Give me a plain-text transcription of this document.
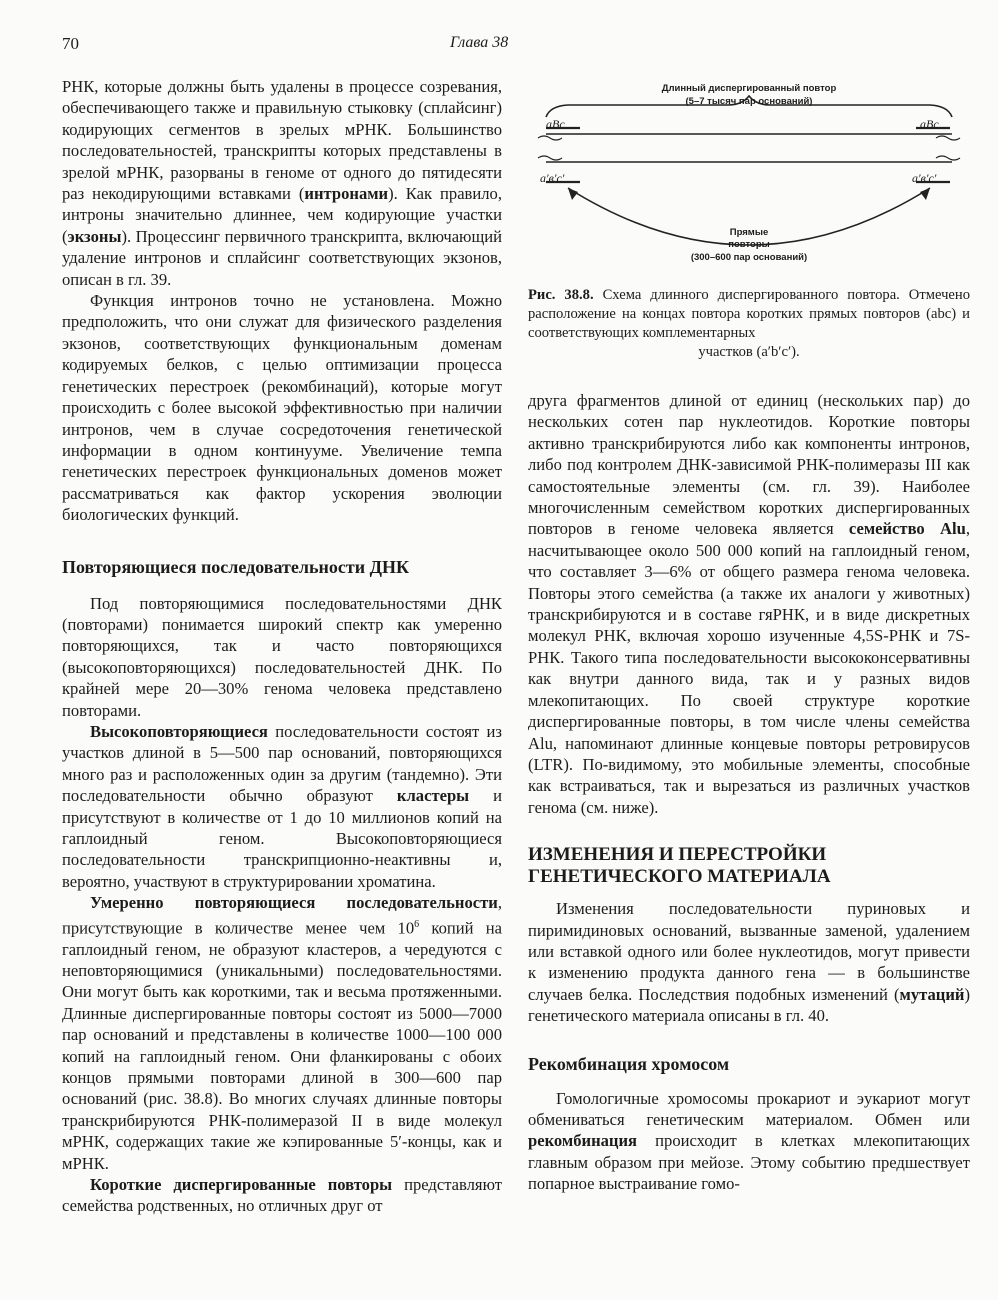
70	Глава 38

РНК, которые должны быть удалены в процессе созревания, обеспечивающего также и правильную стыковку (сплайсинг) кодирующих сегментов в зрелых мРНК. Большинство последовательностей, транскрипты которых представлены в зрелой мРНК, разорваны в геноме от одного до пятидесяти раз некодирующими вставками (интронами). Как правило, интроны значительно длиннее, чем кодирующие участки (экзоны). Процессинг первичного транскрипта, включающий удаление интронов и сплайсинг соответствующих экзонов, описан в гл. 39.

Функция интронов точно не установлена. Можно предположить, что они служат для физического разделения экзонов, соответствующих функциональным доменам кодируемых белков, с целью оптимизации процесса генетических перестроек (рекомбинаций), которые могут происходить с более высокой эффективностью при наличии интронов, чем в случае сосредоточения генетической информации в одном континууме. Увеличение темпа генетических перестроек функциональных доменов может рассматриваться как фактор ускорения эволюции биологических функций.

Повторяющиеся последовательности ДНК

Под повторяющимися последовательностями ДНК (повторами) понимается широкий спектр как умеренно повторяющихся, так и часто повторяющихся (высокоповторяющихся) последовательностей ДНК. По крайней мере 20—30% генома человека представлено повторами.

Высокоповторяющиеся последовательности состоят из участков длиной в 5—500 пар оснований, повторяющихся много раз и расположенных один за другим (тандемно). Эти последовательности обычно образуют кластеры и присутствуют в количестве от 1 до 10 миллионов копий на гаплоидный геном. Высокоповторяющиеся последовательности транскрипционно-неактивны и, вероятно, участвуют в структурировании хроматина.

Умеренно повторяющиеся последовательности, присутствующие в количестве менее чем $10^6$ копий на гаплоидный геном, не образуют кластеров, а чередуются с неповторяющимися (уникальными) последовательностями. Они могут быть как короткими, так и весьма протяженными. Длинные диспергированные повторы состоят из 5000—7000 пар оснований и представлены в количестве 1000—100 000 копий на гаплоидный геном. Они фланкированы с обоих концов прямыми повторами длиной в 300—600 пар оснований (рис. 38.8). Во многих случаях длинные повторы транскрибируются РНК-полимеразой II в виде молекул мРНК, содержащих такие же кэпированные 5′-концы, как и мРНК.

Короткие диспергированные повторы представляют семейства родственных, но отличных друг от

Длинный диспергированный повтор
(5–7 тысяч пар оснований)
aBc	aBc
a′в′c′	a′в′c′
Прямые
повторы
(300–600 пар оснований)
Рис. 38.8. Схема длинного диспергированного повтора. Отмечено расположение на концах повтора коротких прямых повторов (abc) и соответствующих комплементарных
участков (a′b′c′).

друга фрагментов длиной от единиц (нескольких пар) до нескольких сотен пар нуклеотидов. Короткие повторы активно транскрибируются либо как компоненты интронов, либо под контролем ДНК-зависимой РНК-полимеразы III как самостоятельные элементы (см. гл. 39). Наиболее многочисленным семейством коротких диспергированных повторов в геноме человека является семейство Alu, насчитывающее около 500 000 копий на гаплоидный геном, что составляет 3—6% от общего размера генома человека. Повторы этого семейства (а также их аналоги у животных) транскрибируются и в составе гяРНК, и в виде дискретных молекул РНК, включая хорошо изученные 4,5S-РНК и 7S-РНК. Такого типа последовательности высококонсервативны как внутри данного вида, так и у разных видов млекопитающих. По своей структуре короткие диспергированные повторы, в том числе члены семейства Alu, напоминают длинные концевые повторы ретровирусов (LTR). По-видимому, это мобильные элементы, способные как встраиваться, так и вырезаться из различных участков генома (см. ниже).

ИЗМЕНЕНИЯ И ПЕРЕСТРОЙКИ
ГЕНЕТИЧЕСКОГО МАТЕРИАЛА

Изменения последовательности пуриновых и пиримидиновых оснований, вызванные заменой, удалением или вставкой одного или более нуклеотидов, могут привести к изменению продукта данного гена — в большинстве случаев белка. Последствия подобных изменений (мутаций) генетического материала описаны в гл. 40.

Рекомбинация хромосом

Гомологичные хромосомы прокариот и эукариот могут обмениваться генетическим материалом. Обмен или рекомбинация происходит в клетках млекопитающих главным образом при мейозе. Этому событию предшествует попарное выстраивание гомо-
